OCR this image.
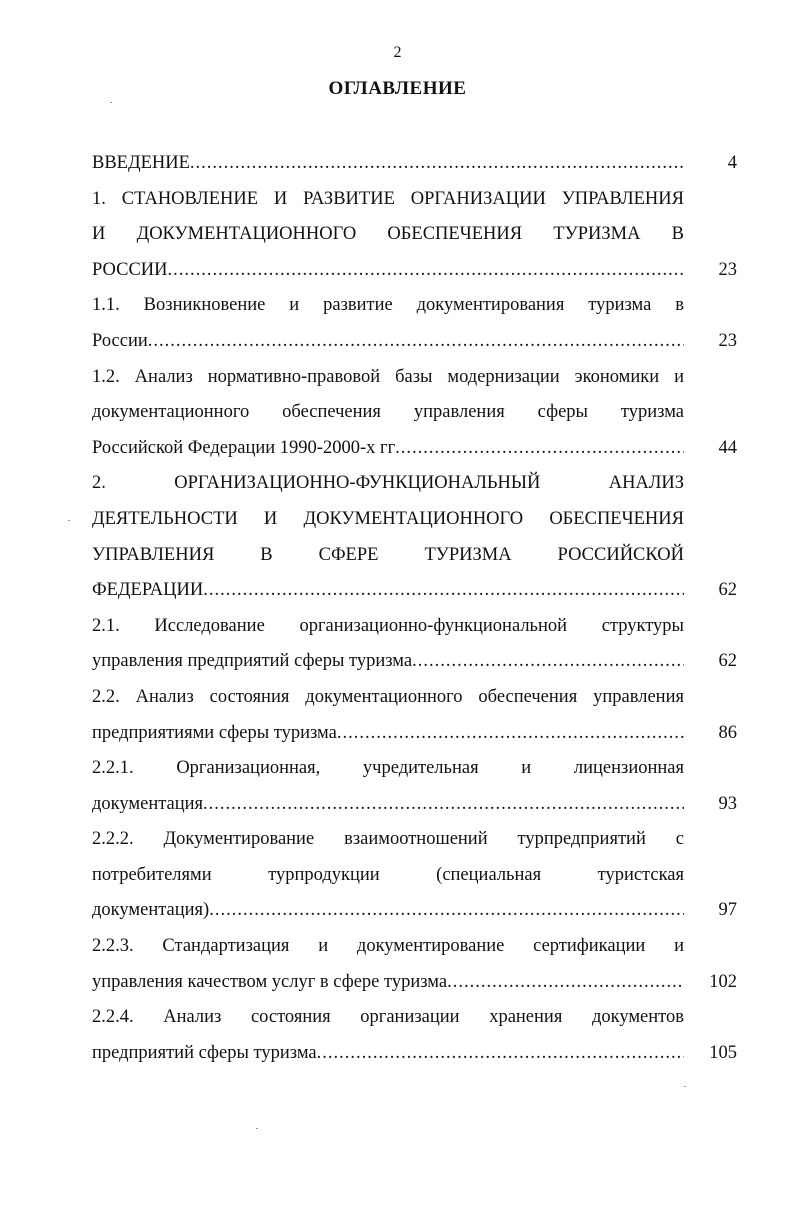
2
ОГЛАВЛЕНИЕ
ВВЕДЕНИЕ .....	4
1. СТАНОВЛЕНИЕ И РАЗВИТИЕ ОРГАНИЗАЦИИ УПРАВЛЕНИЯ
И ДОКУМЕНТАЦИОННОГО ОБЕСПЕЧЕНИЯ ТУРИЗМА В
РОССИИ .....	23
1.1. Возникновение и развитие документирования туризма в
России .....	23
1.2. Анализ нормативно-правовой базы модернизации экономики и
документационного обеспечения управления сферы туризма
Российской Федерации 1990-2000-х гг .....	44
2. ОРГАНИЗАЦИОННО-ФУНКЦИОНАЛЬНЫЙ АНАЛИЗ
ДЕЯТЕЛЬНОСТИ И ДОКУМЕНТАЦИОННОГО ОБЕСПЕЧЕНИЯ
УПРАВЛЕНИЯ В СФЕРЕ ТУРИЗМА РОССИЙСКОЙ
ФЕДЕРАЦИИ .....	62
2.1. Исследование организационно-функциональной структуры
управления предприятий сферы туризма .....	62
2.2. Анализ состояния документационного обеспечения управления
предприятиями сферы туризма .....	86
2.2.1. Организационная, учредительная и лицензионная
документация .....	93
2.2.2. Документирование взаимоотношений турпредприятий с
потребителями турпродукции (специальная туристская
документация) .....	97
2.2.3. Стандартизация и документирование сертификации и
управления качеством услуг в сфере туризма .....	102
2.2.4. Анализ состояния организации хранения документов
предприятий сферы туризма .....	105
